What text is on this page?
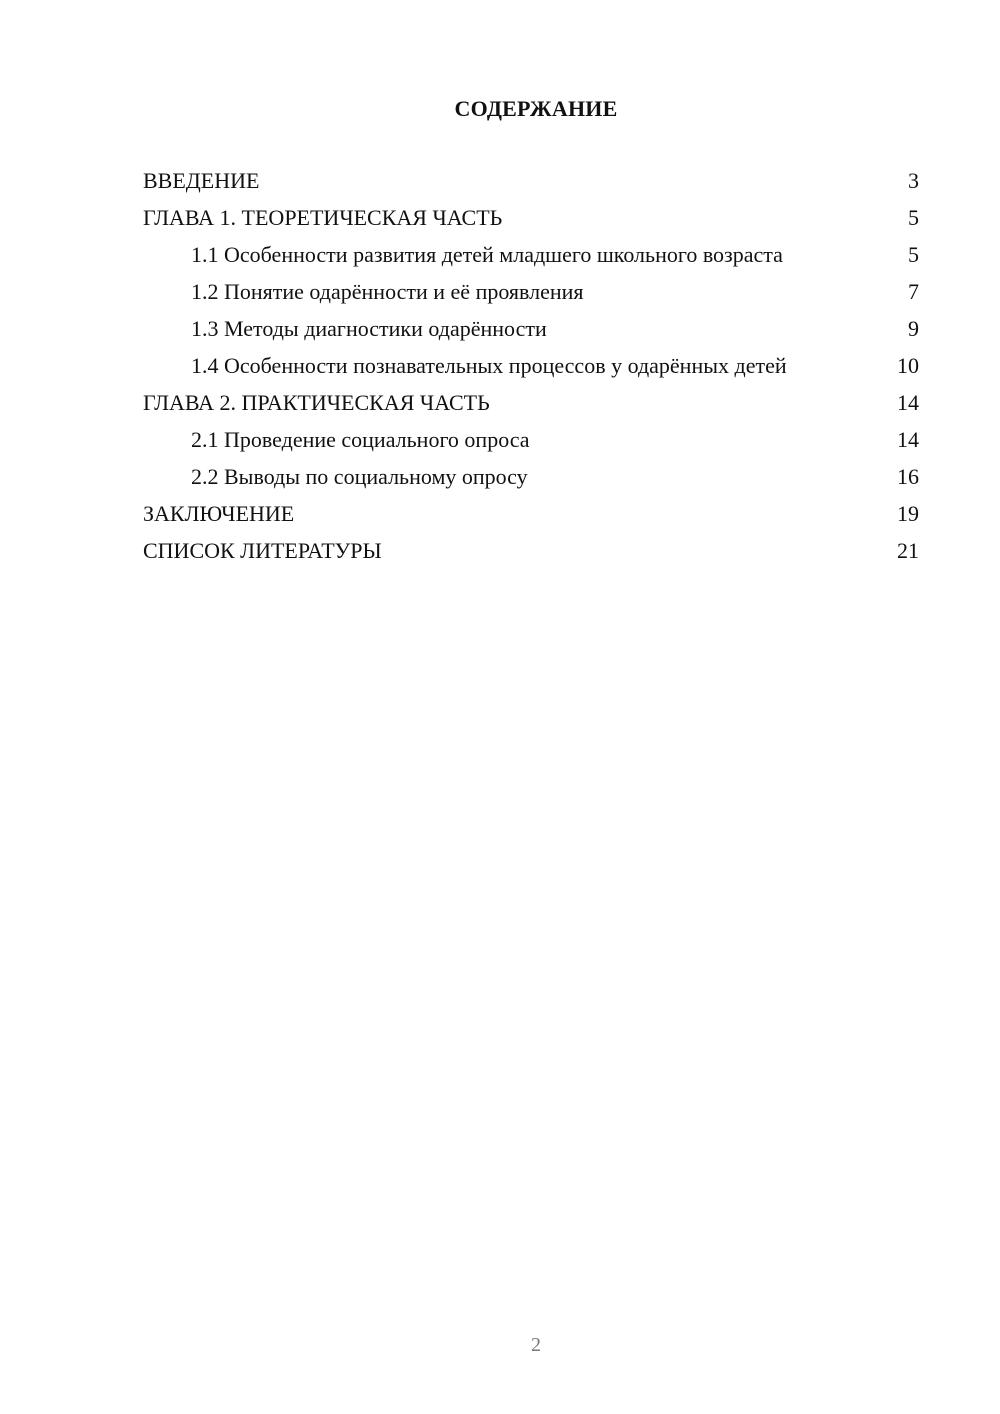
СОДЕРЖАНИЕ
ВВЕДЕНИЕ	3
ГЛАВА 1. ТЕОРЕТИЧЕСКАЯ ЧАСТЬ	5
1.1 Особенности развития детей младшего школьного возраста	5
1.2 Понятие одарённости и её проявления	7
1.3 Методы диагностики одарённости	9
1.4 Особенности познавательных процессов у одарённых детей	10
ГЛАВА 2. ПРАКТИЧЕСКАЯ ЧАСТЬ	14
2.1 Проведение социального опроса	14
2.2 Выводы по социальному опросу	16
ЗАКЛЮЧЕНИЕ	19
СПИСОК ЛИТЕРАТУРЫ	21
2
